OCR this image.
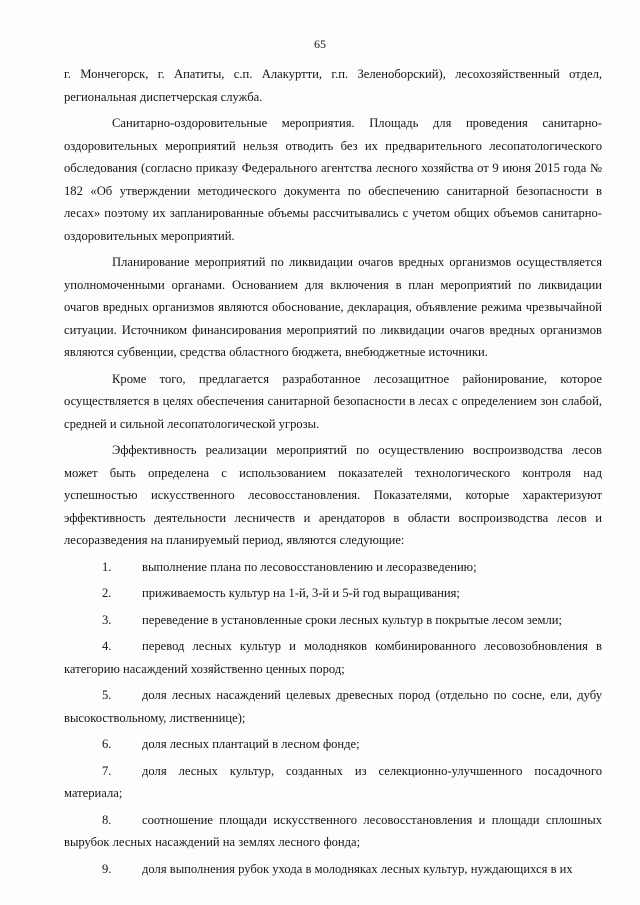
65

г. Мончегорск, г. Апатиты, с.п. Алакуртти, г.п. Зеленоборский), лесохозяйственный отдел, региональная диспетчерская служба.

Санитарно-оздоровительные мероприятия. Площадь для проведения санитарно-оздоровительных мероприятий нельзя отводить без их предварительного лесопатологического обследования (согласно приказу Федерального агентства лесного хозяйства от 9 июня 2015 года № 182 «Об утверждении методического документа по обеспечению санитарной безопасности в лесах» поэтому их запланированные объемы рассчитывались с учетом общих объемов санитарно-оздоровительных мероприятий.

Планирование мероприятий по ликвидации очагов вредных организмов осуществляется уполномоченными органами. Основанием для включения в план мероприятий по ликвидации очагов вредных организмов являются обоснование, декларация, объявление режима чрезвычайной ситуации. Источником финансирования мероприятий по ликвидации очагов вредных организмов являются субвенции, средства областного бюджета, внебюджетные источники.

Кроме того, предлагается разработанное лесозащитное районирование, которое осуществляется в целях обеспечения санитарной безопасности в лесах с определением зон слабой, средней и сильной лесопатологической угрозы.

Эффективность реализации мероприятий по осуществлению воспроизводства лесов может быть определена с использованием показателей технологического контроля над успешностью искусственного лесовосстановления. Показателями, которые характеризуют эффективность деятельности лесничеств и арендаторов в области воспроизводства лесов и лесоразведения на планируемый период, являются следующие:

1. выполнение плана по лесовосстановлению и лесоразведению;

2. приживаемость культур на 1-й, 3-й и 5-й год выращивания;

3. переведение в установленные сроки лесных культур в покрытые лесом земли;

4. перевод лесных культур и молодняков комбинированного лесовозобновления в категорию насаждений хозяйственно ценных пород;

5. доля лесных насаждений целевых древесных пород (отдельно по сосне, ели, дубу высокоствольному, лиственнице);

6. доля лесных плантаций в лесном фонде;

7. доля лесных культур, созданных из селекционно-улучшенного посадочного материала;

8. соотношение площади искусственного лесовосстановления и площади сплошных вырубок лесных насаждений на землях лесного фонда;

9. доля выполнения рубок ухода в молодняках лесных культур, нуждающихся в их
